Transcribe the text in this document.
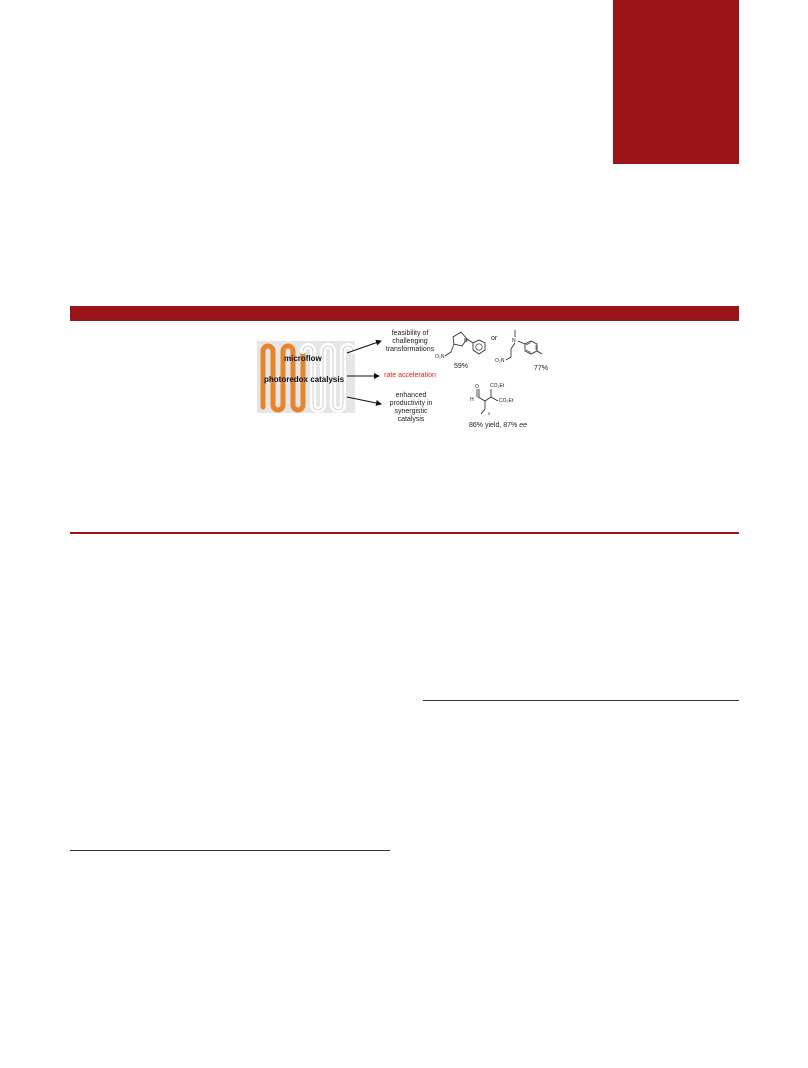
microflow
photoredox catalysis
feasibility of
challenging
transformations
rate acceleration
enhanced
productivity in
synergistic
catalysis
N
O₂N
59%
or	N
O₂N
77%
O
H
CO₂Et
CO₂Et
5
86% yield, 87% ee
